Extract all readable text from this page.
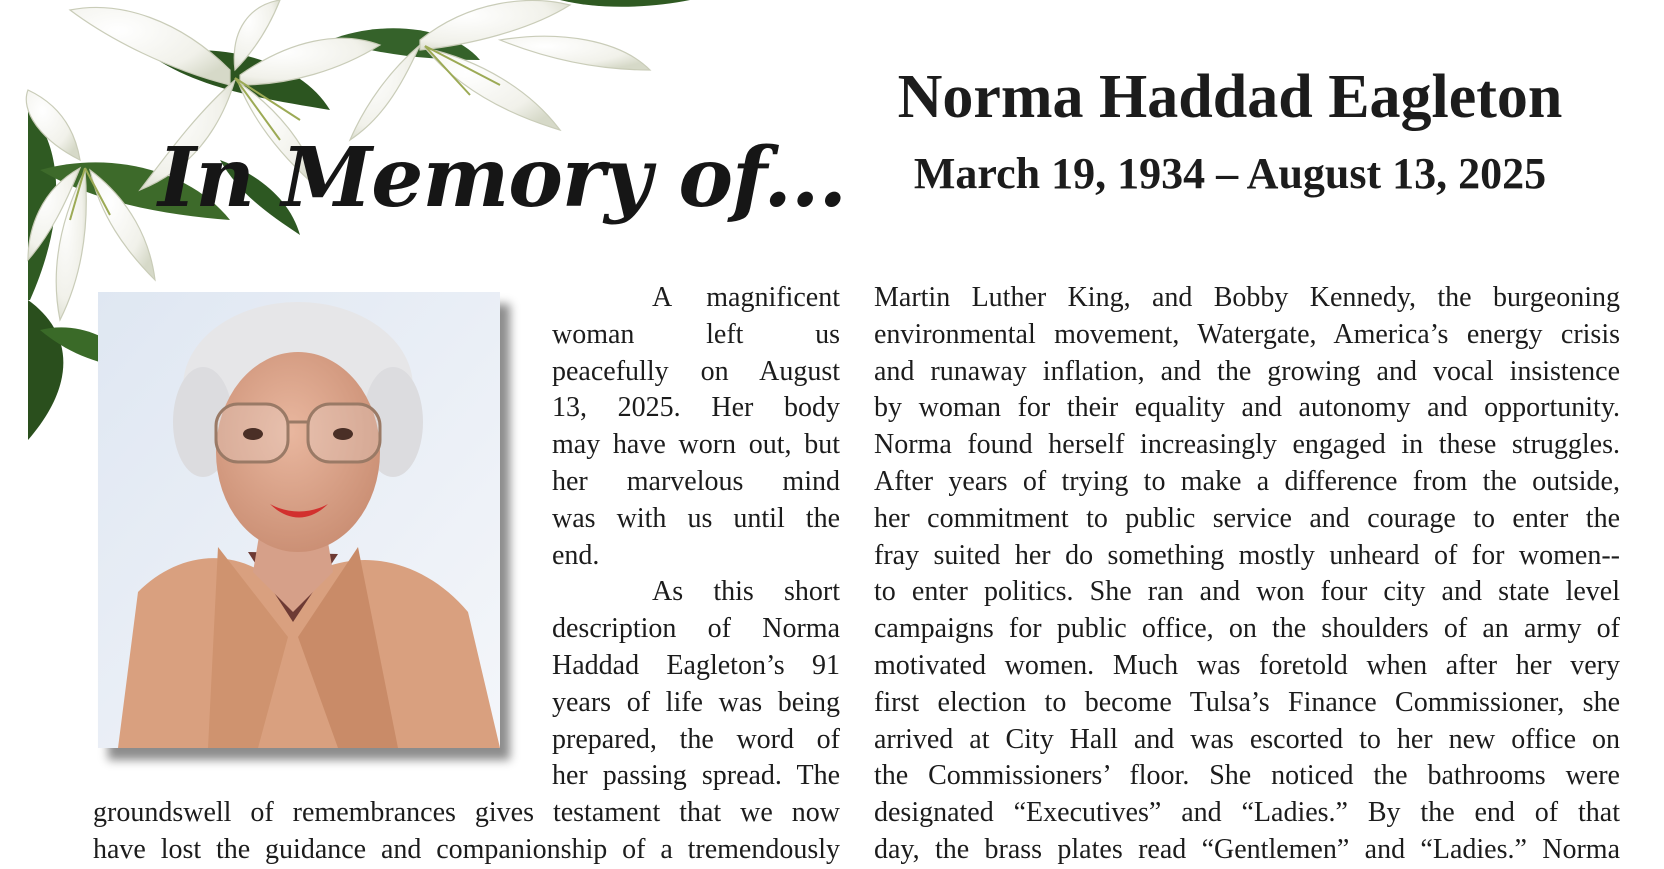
In Memory of...
Norma Haddad Eagleton
March 19, 1934 – August 13, 2025
A magnificent
woman left us
peacefully on August
13, 2025. Her body
may have worn out, but
her marvelous mind
was with us until the
end.
As this short
description of Norma
Haddad Eagleton’s 91
years of life was being
prepared, the word of
her passing spread. The
groundswell of remembrances gives testament that we now
have lost the guidance and companionship of a tremendously
Martin Luther King, and Bobby Kennedy, the burgeoning
environmental movement, Watergate, America’s energy crisis
and runaway inflation, and the growing and vocal insistence
by woman for their equality and autonomy and opportunity.
Norma found herself increasingly engaged in these struggles.
After years of trying to make a difference from the outside,
her commitment to public service and courage to enter the
fray suited her do something mostly unheard of for women--
to enter politics. She ran and won four city and state level
campaigns for public office, on the shoulders of an army of
motivated women. Much was foretold when after her very
first election to become Tulsa’s Finance Commissioner, she
arrived at City Hall and was escorted to her new office on
the Commissioners’ floor. She noticed the bathrooms were
designated “Executives” and “Ladies.” By the end of that
day, the brass plates read “Gentlemen” and “Ladies.” Norma
